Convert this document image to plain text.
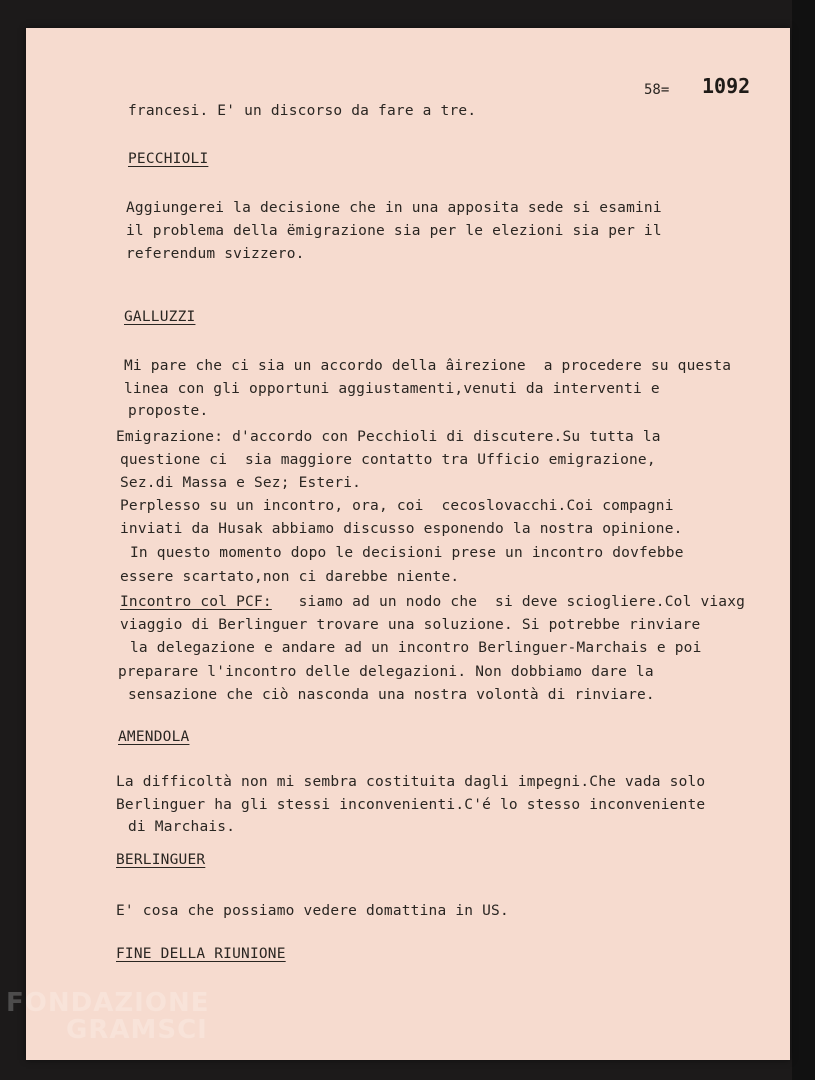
58= 1092
francesi. E' un discorso da fare a tre.
PECCHIOLI
Aggiungerei la decisione che in una apposita sede si esamini
il problema della ëmigrazione sia per le elezioni sia per il
referendum svizzero.
GALLUZZI
Mi pare che ci sia un accordo della âirezione  a procedere su questa
linea con gli opportuni aggiustamenti,venuti da interventi e
proposte.
Emigrazione: d'accordo con Pecchioli di discutere.Su tutta la
questione ci  sia maggiore contatto tra Ufficio emigrazione,
Sez.di Massa e Sez; Esteri.
Perplesso su un incontro, ora, coi  cecoslovacchi.Coi compagni
inviati da Husak abbiamo discusso esponendo la nostra opinione.
In questo momento dopo le decisioni prese un incontro dovfebbe
essere scartato,non ci darebbe niente.
Incontro col PCF:   siamo ad un nodo che  si deve sciogliere.Col viaxg
viaggio di Berlinguer trovare una soluzione. Si potrebbe rinviare
la delegazione e andare ad un incontro Berlinguer-Marchais e poi
preparare l'incontro delle delegazioni. Non dobbiamo dare la
sensazione che ciò nasconda una nostra volontà di rinviare.
AMENDOLA
La difficoltà non mi sembra costituita dagli impegni.Che vada solo
Berlinguer ha gli stessi inconvenienti.C'é lo stesso inconveniente
di Marchais.
BERLINGUER
E' cosa che possiamo vedere domattina in US.
FINE DELLA RIUNIONE
FONDAZIONE
GRAMSCI
